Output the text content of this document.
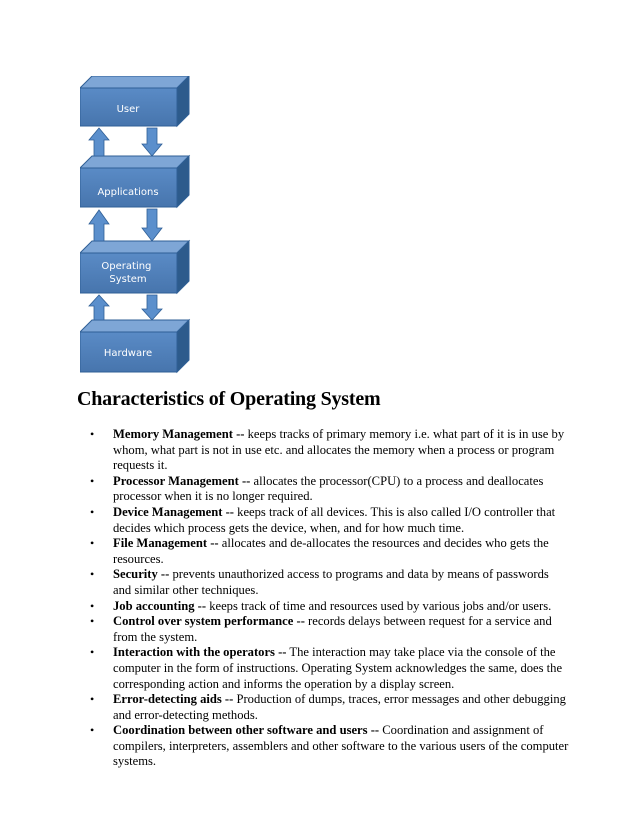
User
Applications
Operating System
Hardware
Characteristics of Operating System
• Memory Management -- keeps tracks of primary memory i.e. what part of it is in use by whom, what part is not in use etc. and allocates the memory when a process or program requests it.
• Processor Management -- allocates the processor(CPU) to a process and deallocates processor when it is no longer required.
• Device Management -- keeps track of all devices. This is also called I/O controller that decides which process gets the device, when, and for how much time.
• File Management -- allocates and de-allocates the resources and decides who gets the resources.
• Security -- prevents unauthorized access to programs and data by means of passwords and similar other techniques.
• Job accounting -- keeps track of time and resources used by various jobs and/or users.
• Control over system performance -- records delays between request for a service and from the system.
• Interaction with the operators -- The interaction may take place via the console of the computer in the form of instructions. Operating System acknowledges the same, does the corresponding action and informs the operation by a display screen.
• Error-detecting aids -- Production of dumps, traces, error messages and other debugging and error-detecting methods.
• Coordination between other software and users -- Coordination and assignment of compilers, interpreters, assemblers and other software to the various users of the computer systems.
